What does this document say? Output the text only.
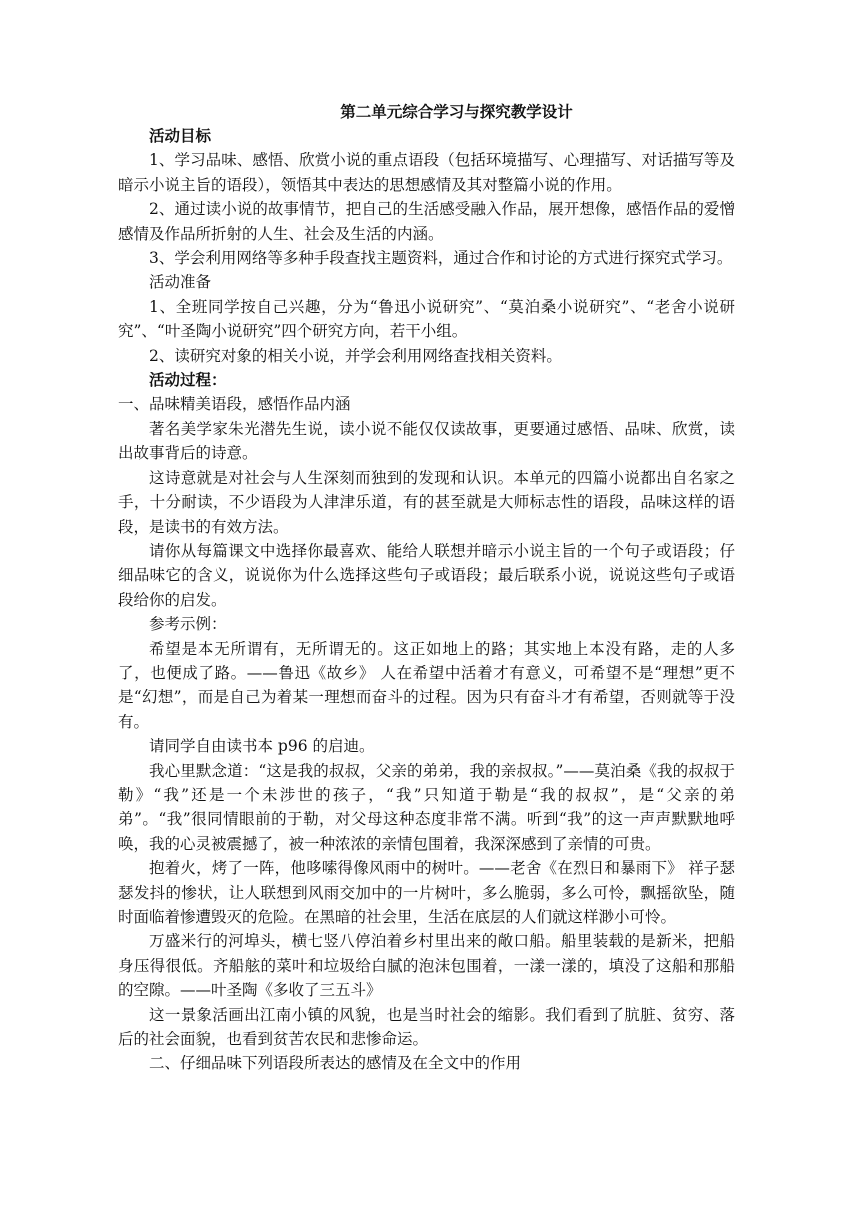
第二单元综合学习与探究教学设计

活动目标

1、学习品味、感悟、欣赏小说的重点语段（包括环境描写、心理描写、对话描写等及暗示小说主旨的语段），领悟其中表达的思想感情及其对整篇小说的作用。

2、通过读小说的故事情节，把自己的生活感受融入作品，展开想像，感悟作品的爱憎感情及作品所折射的人生、社会及生活的内涵。

3、学会利用网络等多种手段查找主题资料，通过合作和讨论的方式进行探究式学习。

活动准备

1、全班同学按自己兴趣，分为“鲁迅小说研究”、“莫泊桑小说研究”、“老舍小说研究”、“叶圣陶小说研究”四个研究方向，若干小组。

2、读研究对象的相关小说，并学会利用网络查找相关资料。

活动过程：

一、品味精美语段，感悟作品内涵

著名美学家朱光潜先生说，读小说不能仅仅读故事，更要通过感悟、品味、欣赏，读出故事背后的诗意。

这诗意就是对社会与人生深刻而独到的发现和认识。本单元的四篇小说都出自名家之手，十分耐读，不少语段为人津津乐道，有的甚至就是大师标志性的语段，品味这样的语段，是读书的有效方法。

请你从每篇课文中选择你最喜欢、能给人联想并暗示小说主旨的一个句子或语段；仔细品味它的含义，说说你为什么选择这些句子或语段；最后联系小说，说说这些句子或语段给你的启发。

参考示例：

希望是本无所谓有，无所谓无的。这正如地上的路；其实地上本没有路，走的人多了，也便成了路。——鲁迅《故乡》 人在希望中活着才有意义，可希望不是“理想”更不是“幻想”，而是自己为着某一理想而奋斗的过程。因为只有奋斗才有希望，否则就等于没有。

请同学自由读书本 p96 的启迪。

我心里默念道：“这是我的叔叔，父亲的弟弟，我的亲叔叔。”——莫泊桑《我的叔叔于勒》“我”还是一个未涉世的孩子，“我”只知道于勒是“我的叔叔”，是“父亲的弟弟”。“我”很同情眼前的于勒，对父母这种态度非常不满。听到“我”的这一声声默默地呼唤，我的心灵被震撼了，被一种浓浓的亲情包围着，我深深感到了亲情的可贵。

抱着火，烤了一阵，他哆嗦得像风雨中的树叶。——老舍《在烈日和暴雨下》 祥子瑟瑟发抖的惨状，让人联想到风雨交加中的一片树叶，多么脆弱，多么可怜，飘摇欲坠，随时面临着惨遭毁灭的危险。在黑暗的社会里，生活在底层的人们就这样渺小可怜。

万盛米行的河埠头，横七竖八停泊着乡村里出来的敞口船。船里装载的是新米，把船身压得很低。齐船舷的菜叶和垃圾给白腻的泡沫包围着，一漾一漾的，填没了这船和那船的空隙。——叶圣陶《多收了三五斗》

这一景象活画出江南小镇的风貌，也是当时社会的缩影。我们看到了肮脏、贫穷、落后的社会面貌，也看到贫苦农民和悲惨命运。

二、仔细品味下列语段所表达的感情及在全文中的作用
